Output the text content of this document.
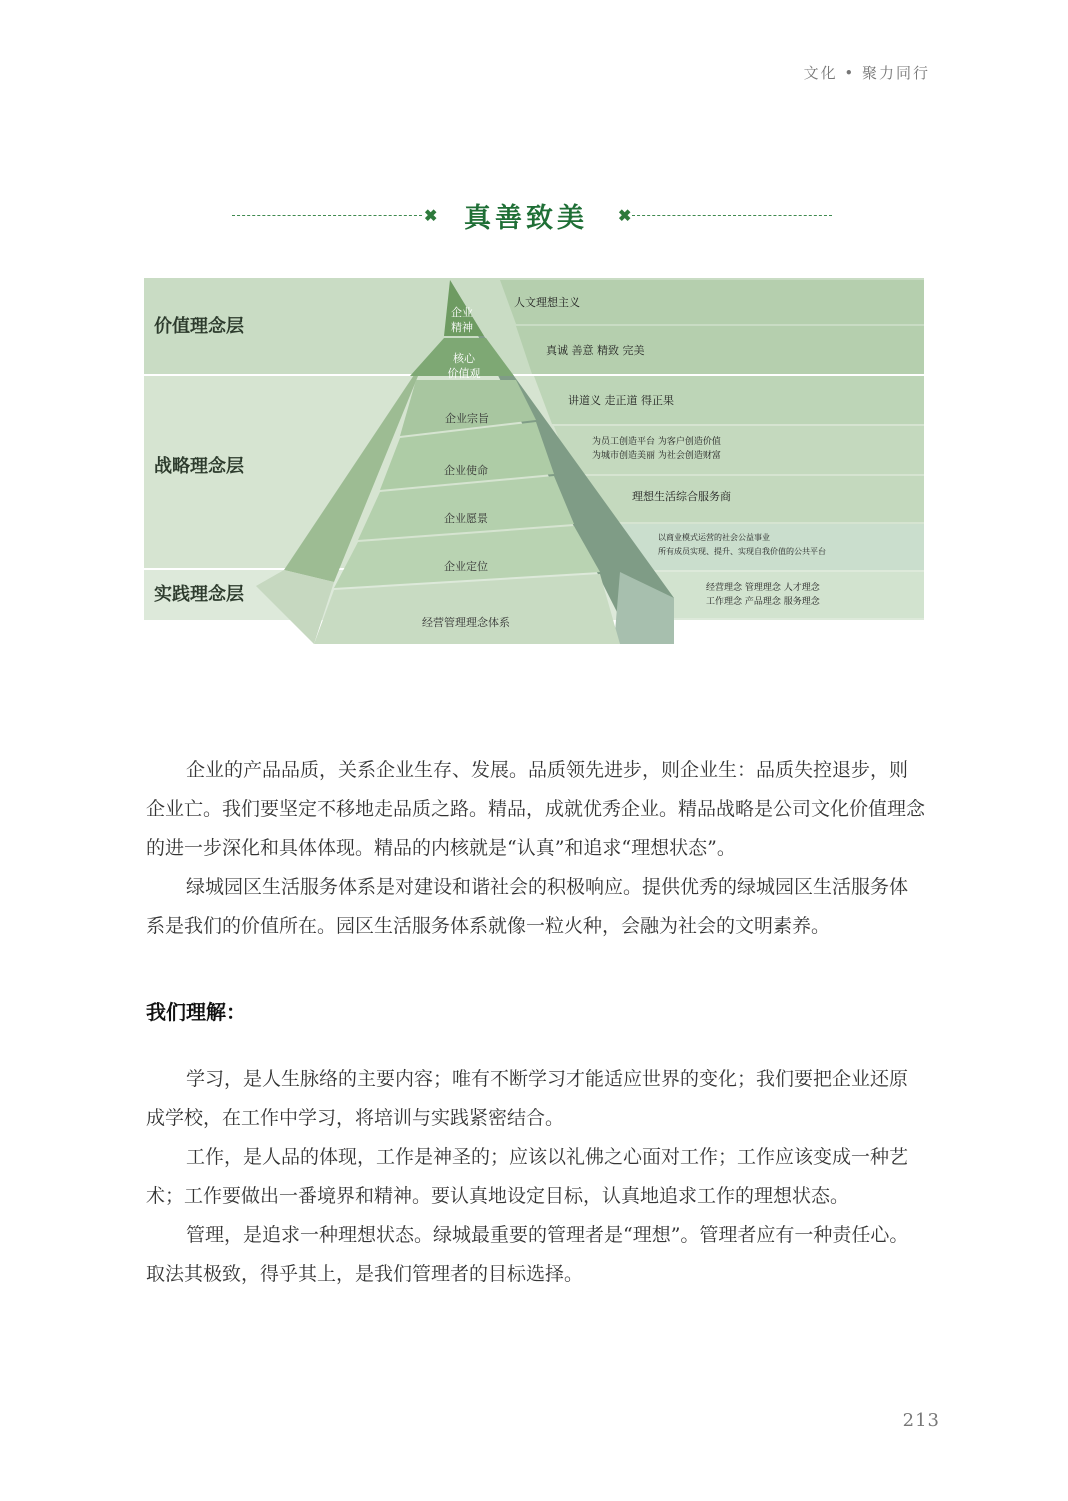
文化 • 聚力同行
✖ 真善致美 ✖
价值理念层
战略理念层
实践理念层
企业
精神
核心
价值观
企业宗旨
企业使命
企业愿景
企业定位
经营管理理念体系
人文理想主义
真诚 善意 精致 完美
讲道义 走正道 得正果
为员工创造平台 为客户创造价值
为城市创造美丽 为社会创造财富
理想生活综合服务商
以商业模式运营的社会公益事业
所有成员实现、提升、实现自我价值的公共平台
经营理念 管理理念 人才理念
工作理念 产品理念 服务理念

企业的产品品质，关系企业生存、发展。品质领先进步，则企业生：品质失控退步，则企业亡。我们要坚定不移地走品质之路。精品，成就优秀企业。精品战略是公司文化价值理念的进一步深化和具体体现。精品的内核就是“认真”和追求“理想状态”。

绿城园区生活服务体系是对建设和谐社会的积极响应。提供优秀的绿城园区生活服务体系是我们的价值所在。园区生活服务体系就像一粒火种，会融为社会的文明素养。

我们理解：

学习，是人生脉络的主要内容；唯有不断学习才能适应世界的变化；我们要把企业还原成学校，在工作中学习，将培训与实践紧密结合。

工作，是人品的体现，工作是神圣的；应该以礼佛之心面对工作；工作应该变成一种艺术；工作要做出一番境界和精神。要认真地设定目标，认真地追求工作的理想状态。

管理，是追求一种理想状态。绿城最重要的管理者是“理想”。管理者应有一种责任心。取法其极致，得乎其上，是我们管理者的目标选择。

213
